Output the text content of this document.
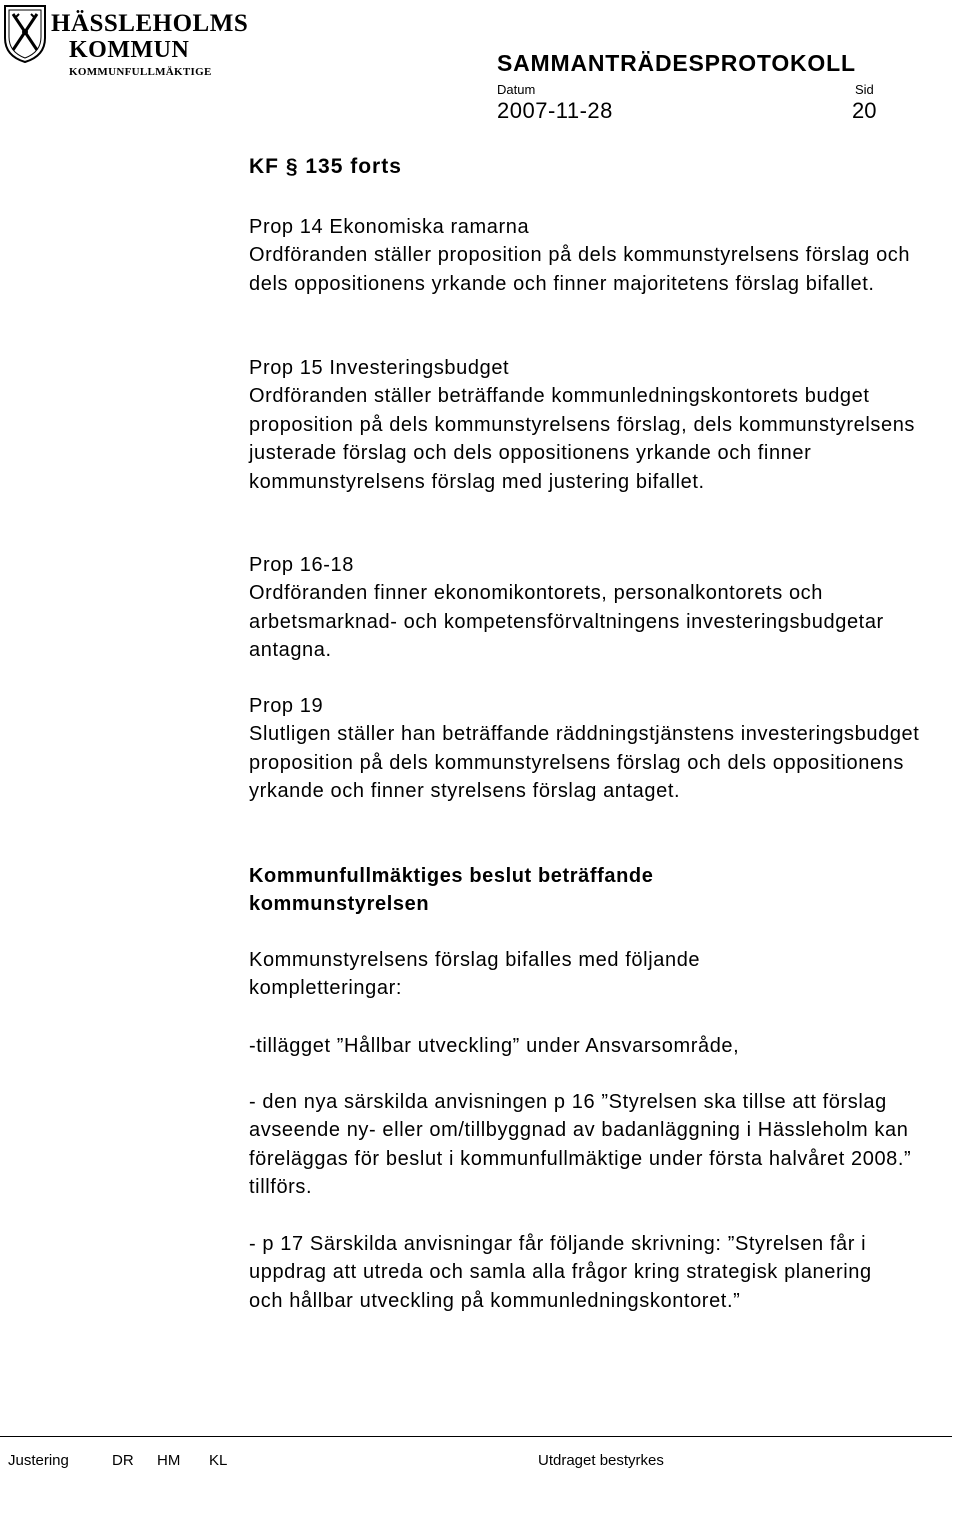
HÄSSLEHOLMS
KOMMUN
KOMMUNFULLMÄKTIGE	SAMMANTRÄDESPROTOKOLL
Datum	Sid
2007-11-28	20
KF § 135 forts

Prop 14 Ekonomiska ramarna

Ordföranden ställer proposition på dels kommunstyrelsens förslag och dels oppositionens yrkande och finner majoritetens förslag bifallet.

Prop 15 Investeringsbudget

Ordföranden ställer beträffande kommunledningskontorets budget proposition på dels kommunstyrelsens förslag, dels kommunstyrelsens justerade förslag och dels oppositionens yrkande och finner kommunstyrelsens förslag med justering bifallet.

Prop 16-18

Ordföranden finner ekonomikontorets, personalkontorets och arbetsmarknad- och kompetensförvaltningens investeringsbudgetar antagna.

Prop 19

Slutligen ställer han beträffande räddningstjänstens investeringsbudget proposition på dels kommunstyrelsens förslag och dels oppositionens yrkande och finner styrelsens förslag antaget.

Kommunfullmäktiges beslut beträffande kommunstyrelsen
Kommunstyrelsens förslag bifalles med följande kompletteringar:
-tillägget ”Hållbar utveckling” under Ansvarsområde,
- den nya särskilda anvisningen p 16 ”Styrelsen ska tillse att förslag avseende ny- eller om/tillbyggnad av badanläggning i Hässleholm kan föreläggas för beslut i kommunfullmäktige under första halvåret 2008.” tillförs.
- p 17 Särskilda anvisningar får följande skrivning: ”Styrelsen får i uppdrag att utreda och samla alla frågor kring strategisk planering och hållbar utveckling på kommunledningskontoret.”
Justering	DR HM KL	Utdraget bestyrkes
